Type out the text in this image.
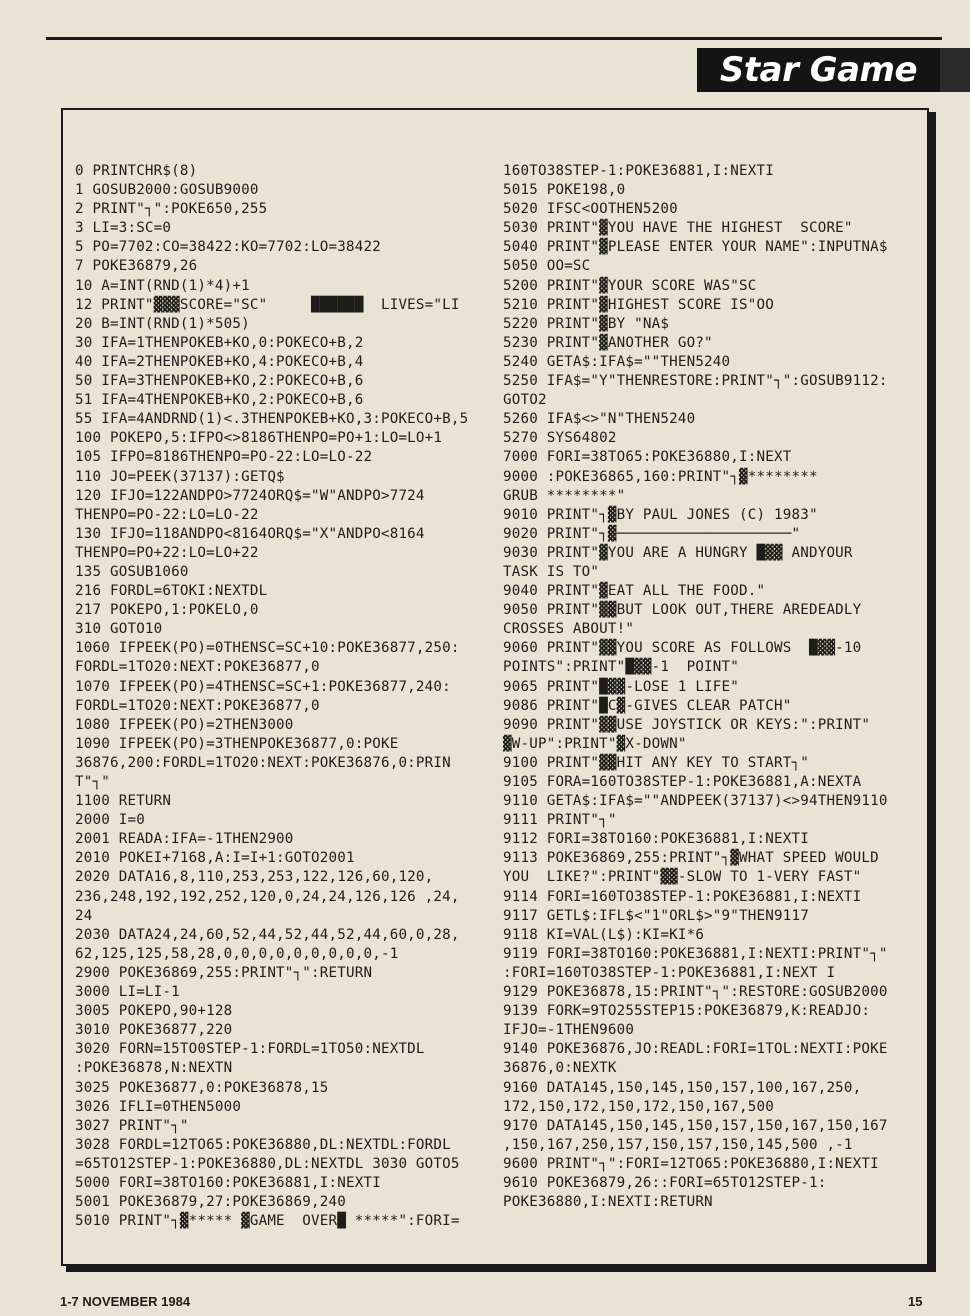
Star Game
0 PRINTCHR$(8)
1 GOSUB2000:GOSUB9000
2 PRINT"┐":POKE650,255
3 LI=3:SC=0
5 PO=7702:CO=38422:KO=7702:LO=38422
7 POKE36879,26
10 A=INT(RND(1)*4)+1
12 PRINT"▓▓▓SCORE="SC"     ██████  LIVES="LI
20 B=INT(RND(1)*505)
30 IFA=1THENPOKEB+KO,0:POKECO+B,2
40 IFA=2THENPOKEB+KO,4:POKECO+B,4
50 IFA=3THENPOKEB+KO,2:POKECO+B,6
51 IFA=4THENPOKEB+KO,2:POKECO+B,6
55 IFA=4ANDRND(1)<.3THENPOKEB+KO,3:POKECO+B,5
100 POKEPO,5:IFPO<>8186THENPO=PO+1:LO=LO+1
105 IFPO=8186THENPO=PO-22:LO=LO-22
110 JO=PEEK(37137):GETQ$
120 IFJO=122ANDPO>7724ORQ$="W"ANDPO>7724
THENPO=PO-22:LO=LO-22
130 IFJO=118ANDPO<8164ORQ$="X"ANDPO<8164
THENPO=PO+22:LO=LO+22
135 GOSUB1060
216 FORDL=6TOKI:NEXTDL
217 POKEPO,1:POKELO,0
310 GOTO10
1060 IFPEEK(PO)=0THENSC=SC+10:POKE36877,250:
FORDL=1TO20:NEXT:POKE36877,0
1070 IFPEEK(PO)=4THENSC=SC+1:POKE36877,240:
FORDL=1TO20:NEXT:POKE36877,0
1080 IFPEEK(PO)=2THEN3000
1090 IFPEEK(PO)=3THENPOKE36877,0:POKE
36876,200:FORDL=1TO20:NEXT:POKE36876,0:PRIN
T"┐"
1100 RETURN
2000 I=0
2001 READA:IFA=-1THEN2900
2010 POKEI+7168,A:I=I+1:GOTO2001
2020 DATA16,8,110,253,253,122,126,60,120,
236,248,192,192,252,120,0,24,24,126,126 ,24,
24
2030 DATA24,24,60,52,44,52,44,52,44,60,0,28,
62,125,125,58,28,0,0,0,0,0,0,0,0,0,-1
2900 POKE36869,255:PRINT"┐":RETURN
3000 LI=LI-1
3005 POKEPO,90+128
3010 POKE36877,220
3020 FORN=15TO0STEP-1:FORDL=1TO50:NEXTDL
:POKE36878,N:NEXTN
3025 POKE36877,0:POKE36878,15
3026 IFLI=0THEN5000
3027 PRINT"┐"
3028 FORDL=12TO65:POKE36880,DL:NEXTDL:FORDL
=65TO12STEP-1:POKE36880,DL:NEXTDL 3030 GOTO5
5000 FORI=38TO160:POKE36881,I:NEXTI
5001 POKE36879,27:POKE36869,240
5010 PRINT"┐▓***** ▓GAME  OVER█ *****":FORI=
160TO38STEP-1:POKE36881,I:NEXTI
5015 POKE198,0
5020 IFSC<OOTHEN5200
5030 PRINT"▓YOU HAVE THE HIGHEST  SCORE"
5040 PRINT"▓PLEASE ENTER YOUR NAME":INPUTNA$
5050 OO=SC
5200 PRINT"▓YOUR SCORE WAS"SC
5210 PRINT"▓HIGHEST SCORE IS"OO
5220 PRINT"▓BY "NA$
5230 PRINT"▓ANOTHER GO?"
5240 GETA$:IFA$=""THEN5240
5250 IFA$="Y"THENRESTORE:PRINT"┐":GOSUB9112:
GOTO2
5260 IFA$<>"N"THEN5240
5270 SYS64802
7000 FORI=38TO65:POKE36880,I:NEXT
9000 :POKE36865,160:PRINT"┐▓********
GRUB ********"
9010 PRINT"┐▓BY PAUL JONES (C) 1983"
9020 PRINT"┐▓────────────────────"
9030 PRINT"▓YOU ARE A HUNGRY █▓▓ ANDYOUR
TASK IS TO"
9040 PRINT"▓EAT ALL THE FOOD."
9050 PRINT"▓▓BUT LOOK OUT,THERE AREDEADLY
CROSSES ABOUT!"
9060 PRINT"▓▓YOU SCORE AS FOLLOWS  █▓▓-10
POINTS":PRINT"█▓▓-1  POINT"
9065 PRINT"█▓▓-LOSE 1 LIFE"
9086 PRINT"█C▓-GIVES CLEAR PATCH"
9090 PRINT"▓▓USE JOYSTICK OR KEYS:":PRINT"
▓W-UP":PRINT"▓X-DOWN"
9100 PRINT"▓▓HIT ANY KEY TO START┐"
9105 FORA=160TO38STEP-1:POKE36881,A:NEXTA
9110 GETA$:IFA$=""ANDPEEK(37137)<>94THEN9110
9111 PRINT"┐"
9112 FORI=38TO160:POKE36881,I:NEXTI
9113 POKE36869,255:PRINT"┐▓WHAT SPEED WOULD
YOU  LIKE?":PRINT"▓▓-SLOW TO 1-VERY FAST"
9114 FORI=160TO38STEP-1:POKE36881,I:NEXTI
9117 GETL$:IFL$<"1"ORL$>"9"THEN9117
9118 KI=VAL(L$):KI=KI*6
9119 FORI=38TO160:POKE36881,I:NEXTI:PRINT"┐"
:FORI=160TO38STEP-1:POKE36881,I:NEXT I
9129 POKE36878,15:PRINT"┐":RESTORE:GOSUB2000
9139 FORK=9TO255STEP15:POKE36879,K:READJO:
IFJO=-1THEN9600
9140 POKE36876,JO:READL:FORI=1TOL:NEXTI:POKE
36876,0:NEXTK
9160 DATA145,150,145,150,157,100,167,250,
172,150,172,150,172,150,167,500
9170 DATA145,150,145,150,157,150,167,150,167
,150,167,250,157,150,157,150,145,500 ,-1
9600 PRINT"┐":FORI=12TO65:POKE36880,I:NEXTI
9610 POKE36879,26::FORI=65TO12STEP-1:
POKE36880,I:NEXTI:RETURN
1-7 NOVEMBER 1984	15
